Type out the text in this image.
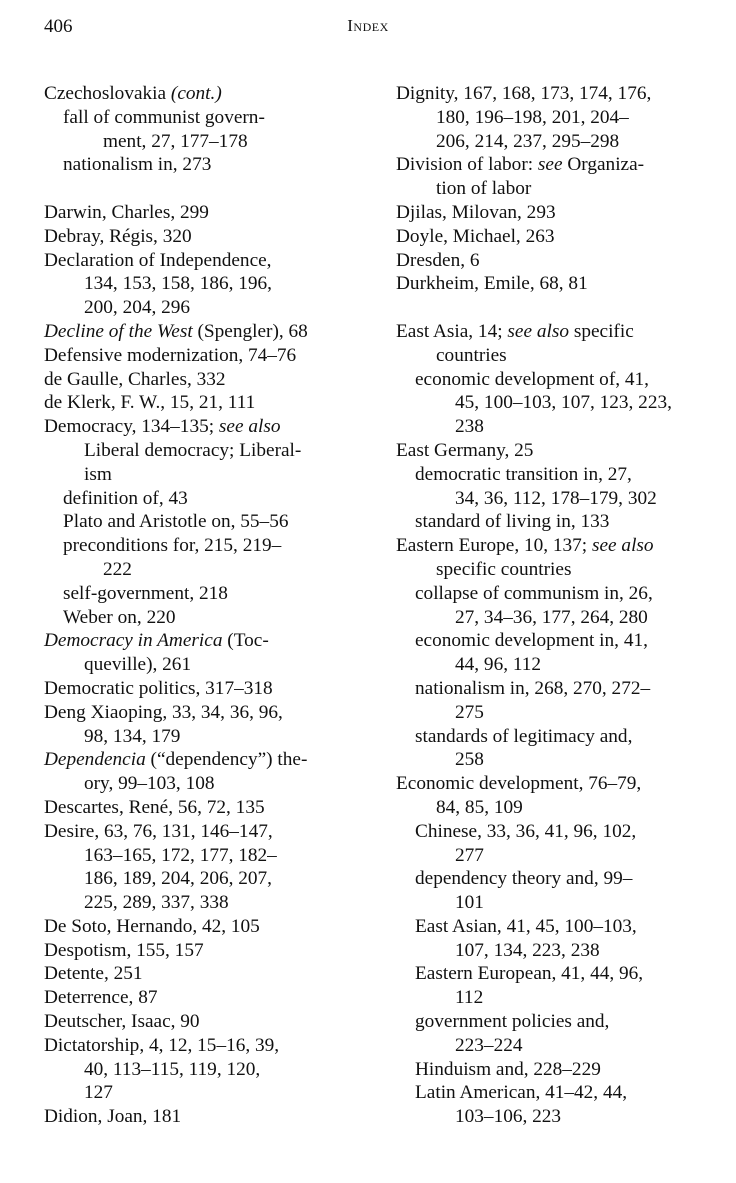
406	Index
Czechoslovakia (cont.)
fall of communist govern-
ment, 27, 177–178
nationalism in, 273
Darwin, Charles, 299
Debray, Régis, 320
Declaration of Independence,
134, 153, 158, 186, 196,
200, 204, 296
Decline of the West (Spengler), 68
Defensive modernization, 74–76
de Gaulle, Charles, 332
de Klerk, F. W., 15, 21, 111
Democracy, 134–135; see also
Liberal democracy; Liberal-
ism
definition of, 43
Plato and Aristotle on, 55–56
preconditions for, 215, 219–
222
self-government, 218
Weber on, 220
Democracy in America (Toc-
queville), 261
Democratic politics, 317–318
Deng Xiaoping, 33, 34, 36, 96,
98, 134, 179
Dependencia (“dependency”) the-
ory, 99–103, 108
Descartes, René, 56, 72, 135
Desire, 63, 76, 131, 146–147,
163–165, 172, 177, 182–
186, 189, 204, 206, 207,
225, 289, 337, 338
De Soto, Hernando, 42, 105
Despotism, 155, 157
Detente, 251
Deterrence, 87
Deutscher, Isaac, 90
Dictatorship, 4, 12, 15–16, 39,
40, 113–115, 119, 120,
127
Didion, Joan, 181
Dignity, 167, 168, 173, 174, 176,
180, 196–198, 201, 204–
206, 214, 237, 295–298
Division of labor: see Organiza-
tion of labor
Djilas, Milovan, 293
Doyle, Michael, 263
Dresden, 6
Durkheim, Emile, 68, 81
East Asia, 14; see also specific
countries
economic development of, 41,
45, 100–103, 107, 123, 223,
238
East Germany, 25
democratic transition in, 27,
34, 36, 112, 178–179, 302
standard of living in, 133
Eastern Europe, 10, 137; see also
specific countries
collapse of communism in, 26,
27, 34–36, 177, 264, 280
economic development in, 41,
44, 96, 112
nationalism in, 268, 270, 272–
275
standards of legitimacy and,
258
Economic development, 76–79,
84, 85, 109
Chinese, 33, 36, 41, 96, 102,
277
dependency theory and, 99–
101
East Asian, 41, 45, 100–103,
107, 134, 223, 238
Eastern European, 41, 44, 96,
112
government policies and,
223–224
Hinduism and, 228–229
Latin American, 41–42, 44,
103–106, 223
